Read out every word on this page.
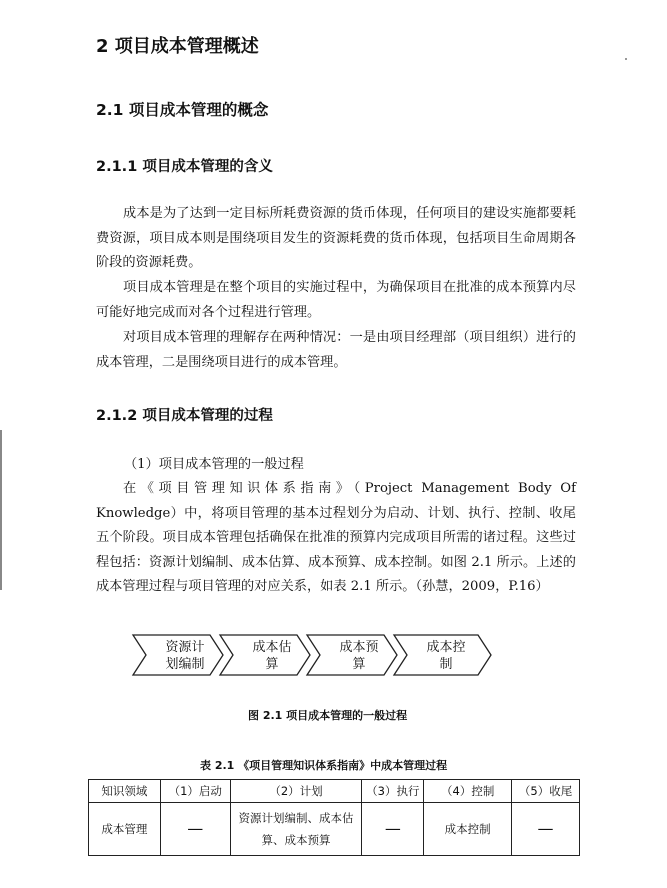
2 项目成本管理概述
2.1 项目成本管理的概念
2.1.1 项目成本管理的含义
成本是为了达到一定目标所耗费资源的货币体现，任何项目的建设实施都要耗费资源，项目成本则是围绕项目发生的资源耗费的货币体现，包括项目生命周期各阶段的资源耗费。
项目成本管理是在整个项目的实施过程中，为确保项目在批准的成本预算内尽可能好地完成而对各个过程进行管理。
对项目成本管理的理解存在两种情况：一是由项目经理部（项目组织）进行的成本管理，二是围绕项目进行的成本管理。
2.1.2 项目成本管理的过程
（1）项目成本管理的一般过程
在《项目管理知识体系指南》（Project Management Body Of Knowledge）中，将项目管理的基本过程划分为启动、计划、执行、控制、收尾五个阶段。项目成本管理包括确保在批准的预算内完成项目所需的诸过程。这些过程包括：资源计划编制、成本估算、成本预算、成本控制。如图 2.1 所示。上述的成本管理过程与项目管理的对应关系，如表 2.1 所示。（孙慧，2009，P.16）
资源计
划编制
成本估
算
成本预
算
成本控
制
图 2.1 项目成本管理的一般过程
表 2.1 《项目管理知识体系指南》中成本管理过程
知识领域	（1）启动	（2）计划	（3）执行	（4）控制	（5）收尾
成本管理	—	资源计划编制、成本估算、成本预算	—	成本控制	—
